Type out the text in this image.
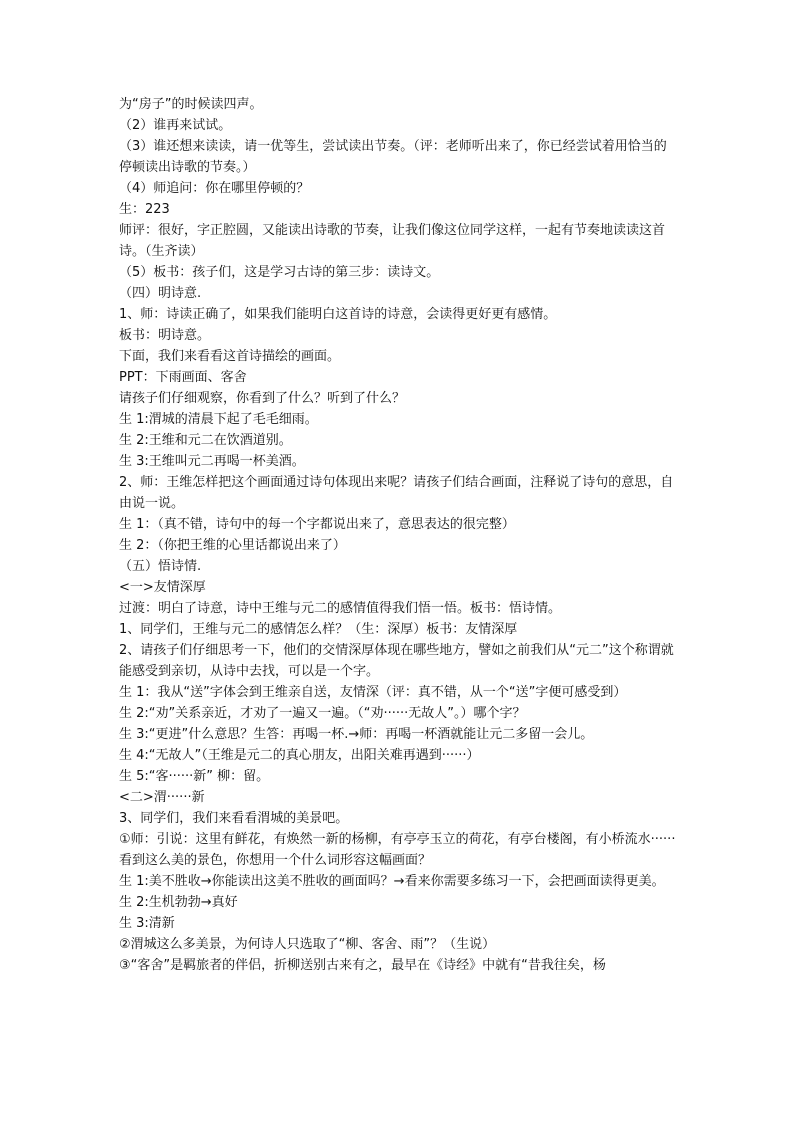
为“房子”的时候读四声。

（2）谁再来试试。

（3）谁还想来读读，请一优等生，尝试读出节奏。（评：老师听出来了，你已经尝试着用恰当的停顿读出诗歌的节奏。）

（4）师追问：你在哪里停顿的？

生：223

师评：很好，字正腔圆，又能读出诗歌的节奏，让我们像这位同学这样，一起有节奏地读读这首诗。（生齐读）

（5）板书：孩子们，这是学习古诗的第三步：读诗文。

（四）明诗意.

1、师：诗读正确了，如果我们能明白这首诗的诗意，会读得更好更有感情。

板书：明诗意。

下面，我们来看看这首诗描绘的画面。

PPT：下雨画面、客舍

请孩子们仔细观察，你看到了什么？听到了什么？

生 1:渭城的清晨下起了毛毛细雨。

生 2:王维和元二在饮酒道别。

生 3:王维叫元二再喝一杯美酒。

2、师：王维怎样把这个画面通过诗句体现出来呢？请孩子们结合画面，注释说了诗句的意思，自由说一说。

生 1：（真不错，诗句中的每一个字都说出来了，意思表达的很完整）

生 2：（你把王维的心里话都说出来了）

（五）悟诗情.

<一>友情深厚

过渡：明白了诗意，诗中王维与元二的感情值得我们悟一悟。板书：悟诗情。

1、同学们，王维与元二的感情怎么样？（生：深厚）板书：友情深厚

2、请孩子们仔细思考一下，他们的交情深厚体现在哪些地方，譬如之前我们从“元二”这个称谓就能感受到亲切，从诗中去找，可以是一个字。

生 1：我从“送”字体会到王维亲自送，友情深（评：真不错，从一个“送”字便可感受到）

生 2:“劝”关系亲近，才劝了一遍又一遍。（“劝······无故人”。）哪个字？

生 3:“更进”什么意思？生答：再喝一杯.→师：再喝一杯酒就能让元二多留一会儿。

生 4:“无故人”（王维是元二的真心朋友，出阳关难再遇到······）

生 5:“客······新” 柳：留。

<二>渭······新

3、同学们，我们来看看渭城的美景吧。

①师：引说：这里有鲜花，有焕然一新的杨柳，有亭亭玉立的荷花，有亭台楼阁，有小桥流水······看到这么美的景色，你想用一个什么词形容这幅画面？

生 1:美不胜收→你能读出这美不胜收的画面吗？→看来你需要多练习一下，会把画面读得更美。

生 2:生机勃勃→真好

生 3:清新

②渭城这么多美景，为何诗人只选取了“柳、客舍、雨”？（生说）

③“客舍”是羁旅者的伴侣，折柳送别古来有之，最早在《诗经》中就有“昔我往矣，杨
